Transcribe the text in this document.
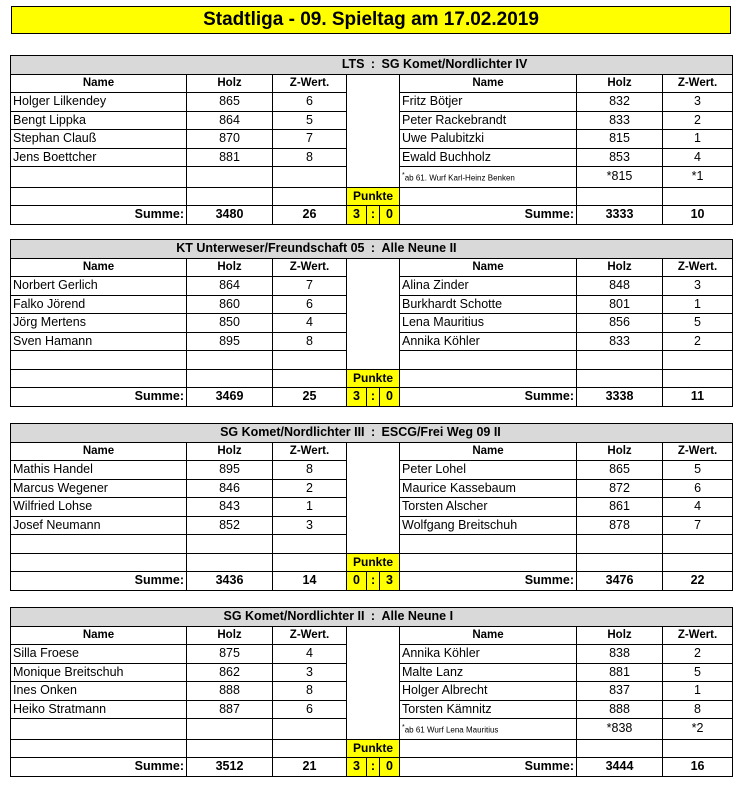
Stadtliga - 09. Spieltag am 17.02.2019
LTS				:	SG Komet/Nordlichter IV			
Name	Holz	Z-Wert.				Name	Holz	Z-Wert.
Holger Lilkendey	865	6				Fritz Bötjer	832	3
Bengt Lippka	864	5				Peter Rackebrandt	833	2
Stephan Clauß	870	7				Uwe Palubitzki	815	1
Jens Boettcher	881	8				Ewald Buchholz	853	4
						*ab 61. Wurf Karl-Heinz Benken	*815	*1
			Punkte					
Summe:	3480	26	3	:	0	Summe:	3333	10
KT Unterweser/Freundschaft 05				:	Alle Neune II			
Name	Holz	Z-Wert.				Name	Holz	Z-Wert.
Norbert Gerlich	864	7				Alina Zinder	848	3
Falko Jörend	860	6				Burkhardt Schotte	801	1
Jörg Mertens	850	4				Lena Mauritius	856	5
Sven Hamann	895	8				Annika Köhler	833	2

			Punkte					
Summe:	3469	25	3	:	0	Summe:	3338	11
SG Komet/Nordlichter III				:	ESCG/Frei Weg 09 II			
Name	Holz	Z-Wert.				Name	Holz	Z-Wert.
Mathis Handel	895	8				Peter Lohel	865	5
Marcus Wegener	846	2				Maurice Kassebaum	872	6
Wilfried Lohse	843	1				Torsten Alscher	861	4
Josef Neumann	852	3				Wolfgang Breitschuh	878	7

			Punkte					
Summe:	3436	14	0	:	3	Summe:	3476	22
SG Komet/Nordlichter II				:	Alle Neune I			
Name	Holz	Z-Wert.				Name	Holz	Z-Wert.
Silla Froese	875	4				Annika Köhler	838	2
Monique Breitschuh	862	3				Malte Lanz	881	5
Ines Onken	888	8				Holger Albrecht	837	1
Heiko Stratmann	887	6				Torsten Kämnitz	888	8
						*ab 61 Wurf Lena Mauritius	*838	*2
			Punkte					
Summe:	3512	21	3	:	0	Summe:	3444	16
